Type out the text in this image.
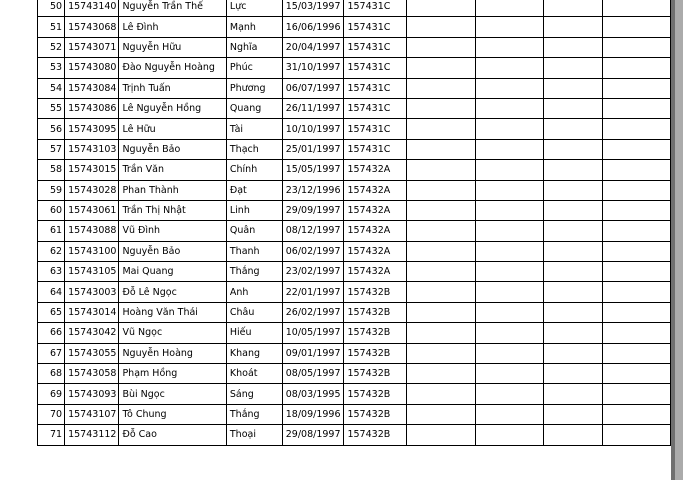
50	15743140	Nguyễn Trần Thế	Lực	15/03/1997	157431C				
51	15743068	Lê Đình	Mạnh	16/06/1996	157431C				
52	15743071	Nguyễn Hữu	Nghĩa	20/04/1997	157431C				
53	15743080	Đào Nguyễn Hoàng	Phúc	31/10/1997	157431C				
54	15743084	Trịnh Tuấn	Phương	06/07/1997	157431C				
55	15743086	Lê Nguyễn Hồng	Quang	26/11/1997	157431C				
56	15743095	Lê Hữu	Tài	10/10/1997	157431C				
57	15743103	Nguyễn Bảo	Thạch	25/01/1997	157431C				
58	15743015	Trần Văn	Chính	15/05/1997	157432A				
59	15743028	Phan Thành	Đạt	23/12/1996	157432A				
60	15743061	Trần Thị Nhật	Linh	29/09/1997	157432A				
61	15743088	Vũ Đình	Quân	08/12/1997	157432A				
62	15743100	Nguyễn Bảo	Thanh	06/02/1997	157432A				
63	15743105	Mai Quang	Thắng	23/02/1997	157432A				
64	15743003	Đỗ Lê Ngọc	Anh	22/01/1997	157432B				
65	15743014	Hoàng Văn Thái	Châu	26/02/1997	157432B				
66	15743042	Vũ Ngọc	Hiếu	10/05/1997	157432B				
67	15743055	Nguyễn Hoàng	Khang	09/01/1997	157432B				
68	15743058	Phạm Hồng	Khoát	08/05/1997	157432B				
69	15743093	Bùi Ngọc	Sáng	08/03/1995	157432B				
70	15743107	Tô Chung	Thắng	18/09/1996	157432B				
71	15743112	Đỗ Cao	Thoại	29/08/1997	157432B				
